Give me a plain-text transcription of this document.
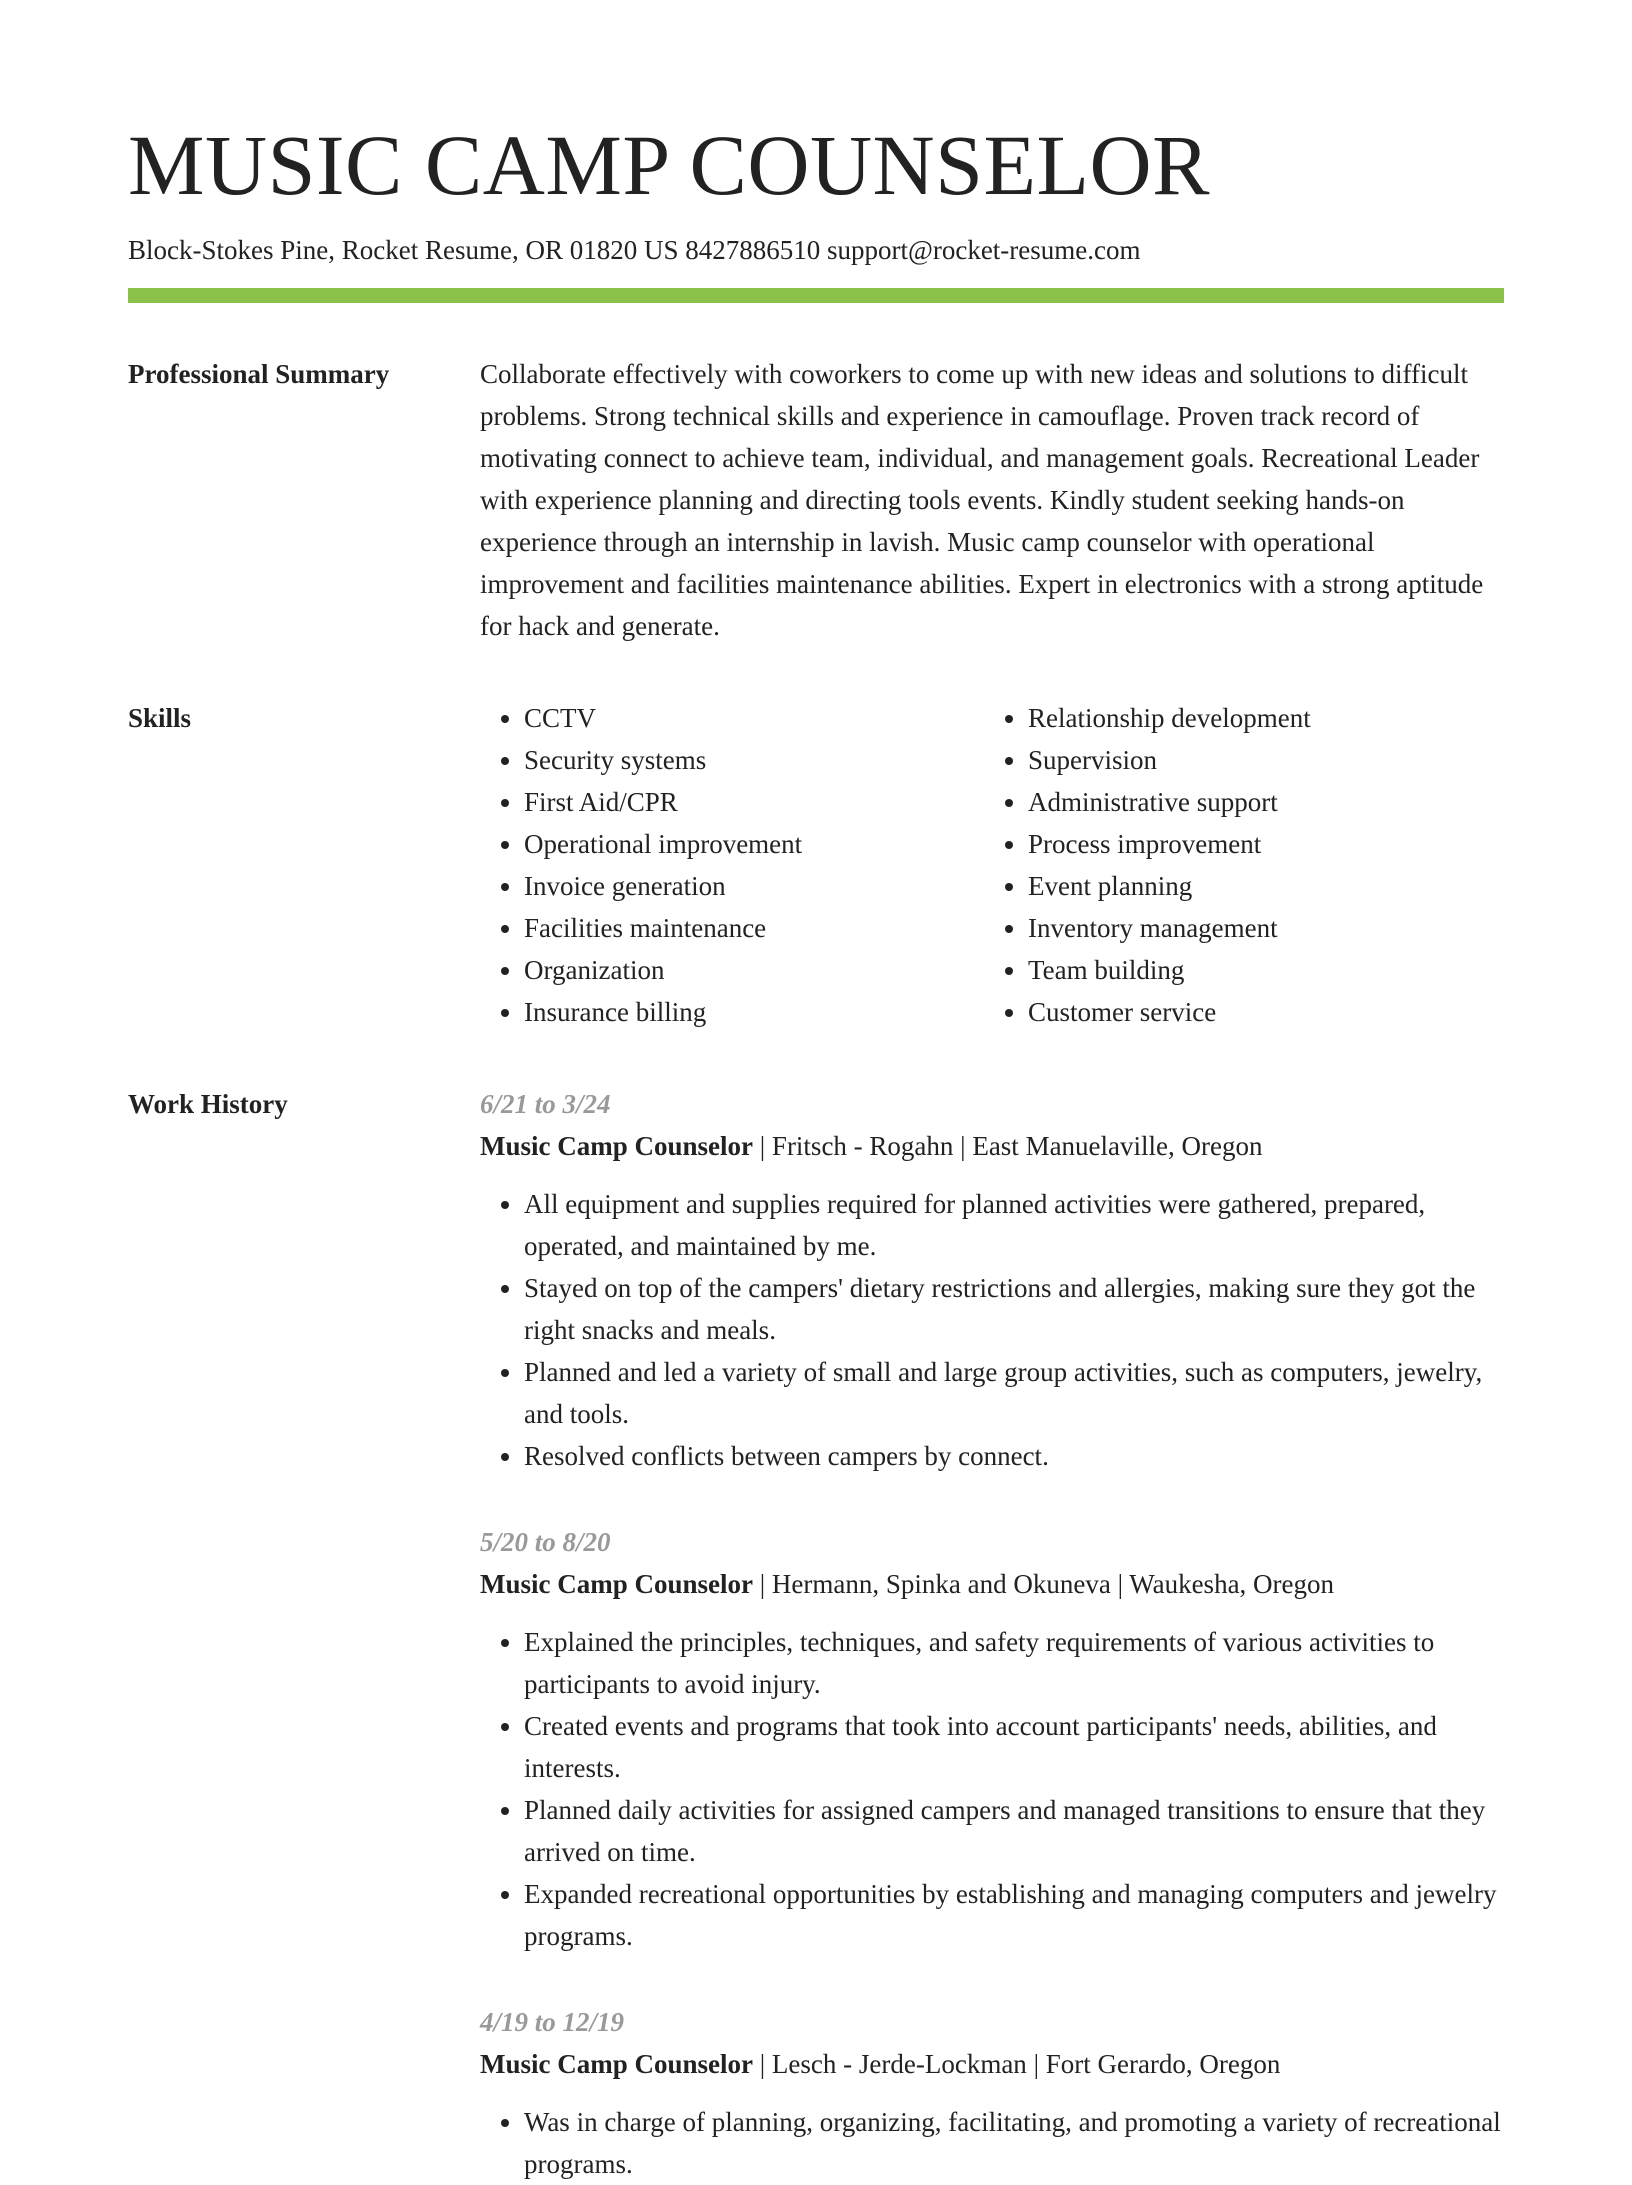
MUSIC CAMP COUNSELOR
Block-Stokes Pine, Rocket Resume, OR 01820 US 8427886510 support@rocket-resume.com
Professional Summary	Collaborate effectively with coworkers to come up with new ideas and solutions to difficult problems. Strong technical skills and experience in camouflage. Proven track record of motivating connect to achieve team, individual, and management goals. Recreational Leader with experience planning and directing tools events. Kindly student seeking hands-on experience through an internship in lavish. Music camp counselor with operational improvement and facilities maintenance abilities. Expert in electronics with a strong aptitude for hack and generate.

Skills
•	CCTV
• Security systems
• First Aid/CPR
• Operational improvement
• Invoice generation
• Facilities maintenance
• Organization
• Insurance billing
• Relationship development
• Supervision
• Administrative support
• Process improvement
• Event planning
• Inventory management
• Team building
• Customer service
Work History	6/21 to 3/24
Music Camp Counselor | Fritsch - Rogahn | East Manuelaville, Oregon
• All equipment and supplies required for planned activities were gathered, prepared, operated, and maintained by me.
• Stayed on top of the campers' dietary restrictions and allergies, making sure they got the right snacks and meals.
• Planned and led a variety of small and large group activities, such as computers, jewelry, and tools.
• Resolved conflicts between campers by connect.
5/20 to 8/20
Music Camp Counselor | Hermann, Spinka and Okuneva | Waukesha, Oregon
• Explained the principles, techniques, and safety requirements of various activities to participants to avoid injury.
• Created events and programs that took into account participants' needs, abilities, and interests.
• Planned daily activities for assigned campers and managed transitions to ensure that they arrived on time.
• Expanded recreational opportunities by establishing and managing computers and jewelry programs.
4/19 to 12/19
Music Camp Counselor | Lesch - Jerde-Lockman | Fort Gerardo, Oregon
• Was in charge of planning, organizing, facilitating, and promoting a variety of recreational programs.
